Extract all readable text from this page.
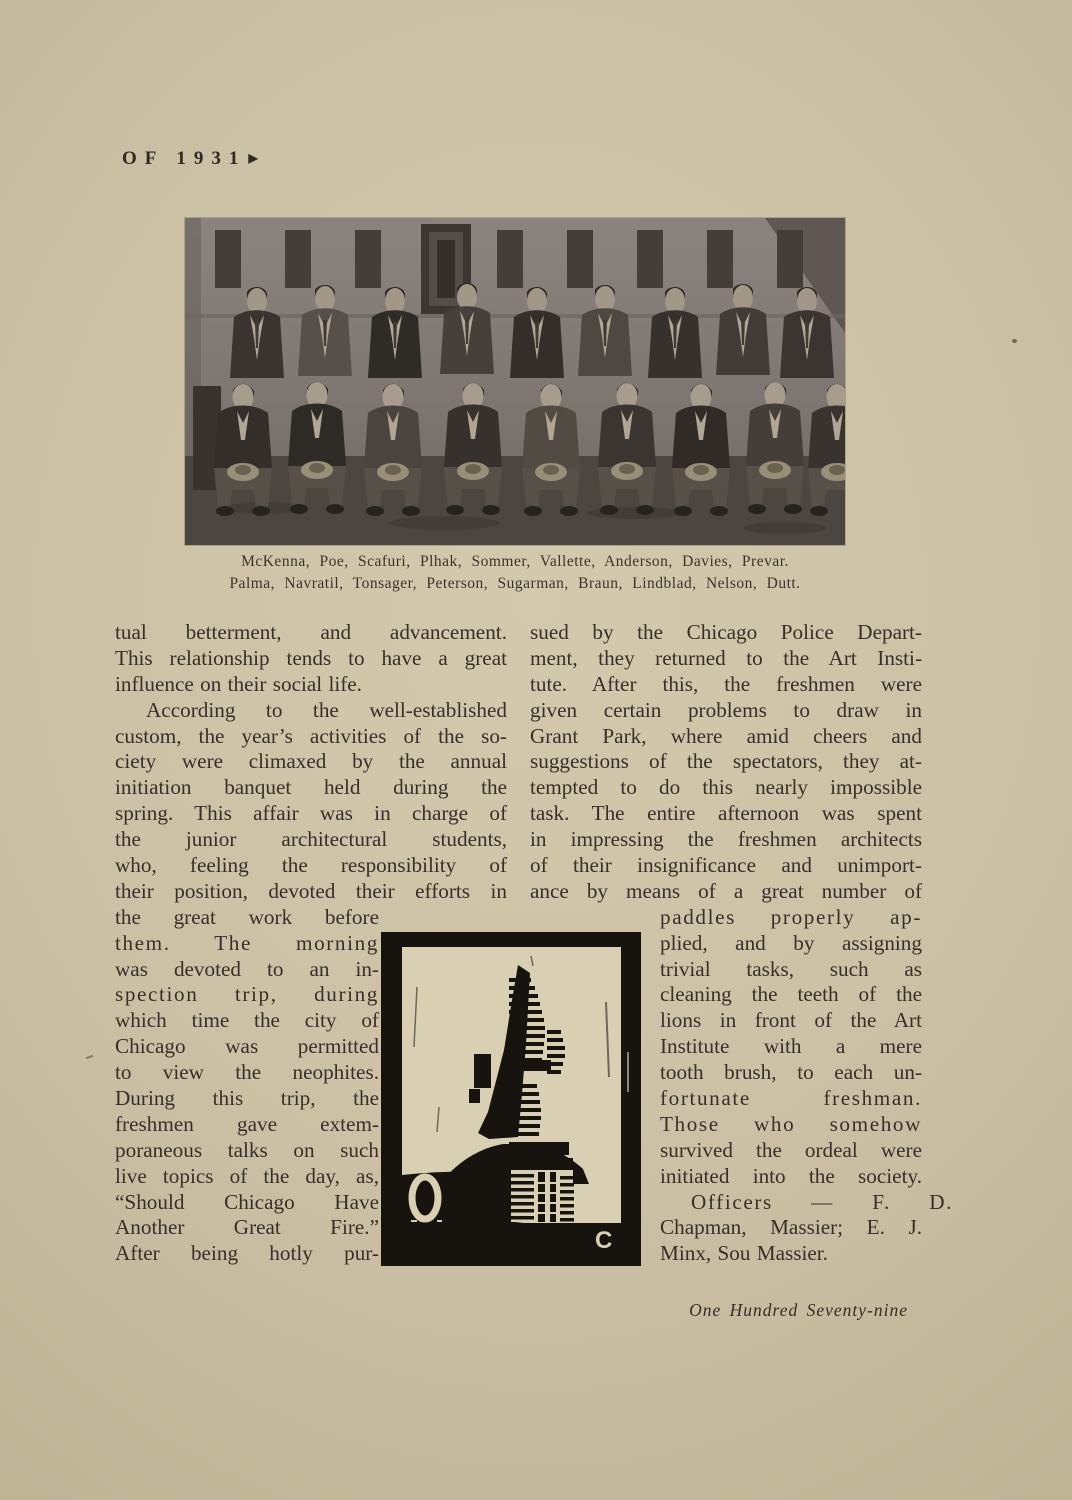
OF 1931 ▶
McKenna, Poe, Scafuri, Plhak, Sommer, Vallette, Anderson, Davies, Prevar.
Palma, Navratil, Tonsager, Peterson, Sugarman, Braun, Lindblad, Nelson, Dutt.
tual betterment, and advancement.
This relationship tends to have a great
influence on their social life.
According to the well-established
custom, the year’s activities of the so-
ciety were climaxed by the annual
initiation banquet held during the
spring. This affair was in charge of
the junior architectural students,
who, feeling the responsibility of
their position, devoted their efforts in
the great work before
them. The morning
was devoted to an in-
spection trip, during
which time the city of
Chicago was permitted
to view the neophites.
During this trip, the
freshmen gave extem-
poraneous talks on such
live topics of the day, as,
“Should Chicago Have
Another Great Fire.”
After being hotly pur-
sued by the Chicago Police Depart-
ment, they returned to the Art Insti-
tute. After this, the freshmen were
given certain problems to draw in
Grant Park, where amid cheers and
suggestions of the spectators, they at-
tempted to do this nearly impossible
task. The entire afternoon was spent
in impressing the freshmen architects
of their insignificance and unimport-
ance by means of a great number of
paddles properly ap-
plied, and by assigning
trivial tasks, such as
cleaning the teeth of the
lions in front of the Art
Institute with a mere
tooth brush, to each un-
fortunate freshman.
Those who somehow
survived the ordeal were
initiated into the society.
Officers — F. D.
Chapman, Massier; E. J.
Minx, Sou Massier.
C
One Hundred Seventy-nine
